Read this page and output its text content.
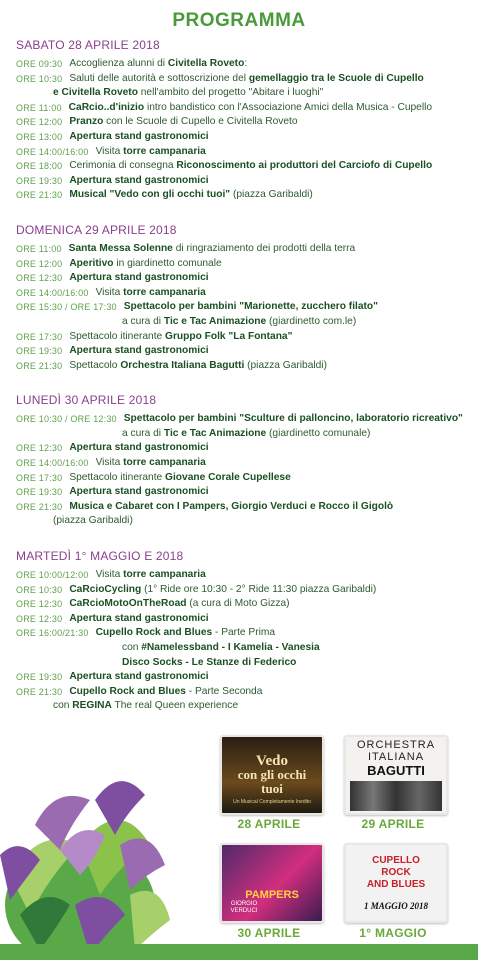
PROGRAMMA
SABATO 28 APRILE 2018
ORE 09:30 Accoglienza alunni di Civitella Roveto:
ORE 10:30 Saluti delle autorità e sottoscrizione del gemellaggio tra le Scuole di Cupello
e Civitella Roveto nell'ambito del progetto "Abitare i luoghi"
ORE 11:00 CaRcio..d'inizio intro bandistico con l'Associazione Amici della Musica - Cupello
ORE 12:00 Pranzo con le Scuole di Cupello e Civitella Roveto
ORE 13:00 Apertura stand gastronomici
ORE 14:00/16:00 Visita torre campanaria
ORE 18:00 Cerimonia di consegna Riconoscimento ai produttori del Carciofo di Cupello
ORE 19:30 Apertura stand gastronomici
ORE 21:30 Musical "Vedo con gli occhi tuoi" (piazza Garibaldi)
DOMENICA 29 APRILE 2018
ORE 11:00 Santa Messa Solenne di ringraziamento dei prodotti della terra
ORE 12:00 Aperitivo in giardinetto comunale
ORE 12:30 Apertura stand gastronomici
ORE 14:00/16:00 Visita torre campanaria
ORE 15:30 / ORE 17:30 Spettacolo per bambini "Marionette, zucchero filato"
a cura di Tic e Tac Animazione (giardinetto com.le)
ORE 17:30 Spettacolo itinerante Gruppo Folk "La Fontana"
ORE 19:30 Apertura stand gastronomici
ORE 21:30 Spettacolo Orchestra Italiana Bagutti (piazza Garibaldi)
LUNEDÌ 30 APRILE 2018
ORE 10:30 / ORE 12:30 Spettacolo per bambini "Sculture di palloncino, laboratorio ricreativo"
a cura di Tic e Tac Animazione (giardinetto comunale)
ORE 12:30 Apertura stand gastronomici
ORE 14:00/16:00 Visita torre campanaria
ORE 17:30 Spettacolo itinerante Giovane Corale Cupellese
ORE 19:30 Apertura stand gastronomici
ORE 21:30 Musica e Cabaret con I Pampers, Giorgio Verduci e Rocco il Gigolò
(piazza Garibaldi)
MARTEDÌ 1° MAGGIO E 2018
ORE 10:00/12:00 Visita torre campanaria
ORE 10:30 CaRcioCycling (1° Ride ore 10:30 - 2° Ride 11:30 piazza Garibaldi)
ORE 12:30 CaRcioMotoOnTheRoad (a cura di Moto Gizza)
ORE 12:30 Apertura stand gastronomici
ORE 16:00/21:30 Cupello Rock and Blues - Parte Prima
con #Namelessband - I Kamelia - Vanesia
Disco Socks - Le Stanze di Federico
ORE 19:30 Apertura stand gastronomici
ORE 21:30 Cupello Rock and Blues - Parte Seconda
con REGINA The real Queen experience
Vedo
con gli occhi
tuoi
Un Musical Completamente Inedito
ORCHESTRA
ITALIANA
BAGUTTI
PAMPERS
GIORGIO
VERDUCI
CUPELLO
ROCK
AND BLUES
1 MAGGIO 2018
28 APRILE	29 APRILE
30 APRILE	1° MAGGIO
